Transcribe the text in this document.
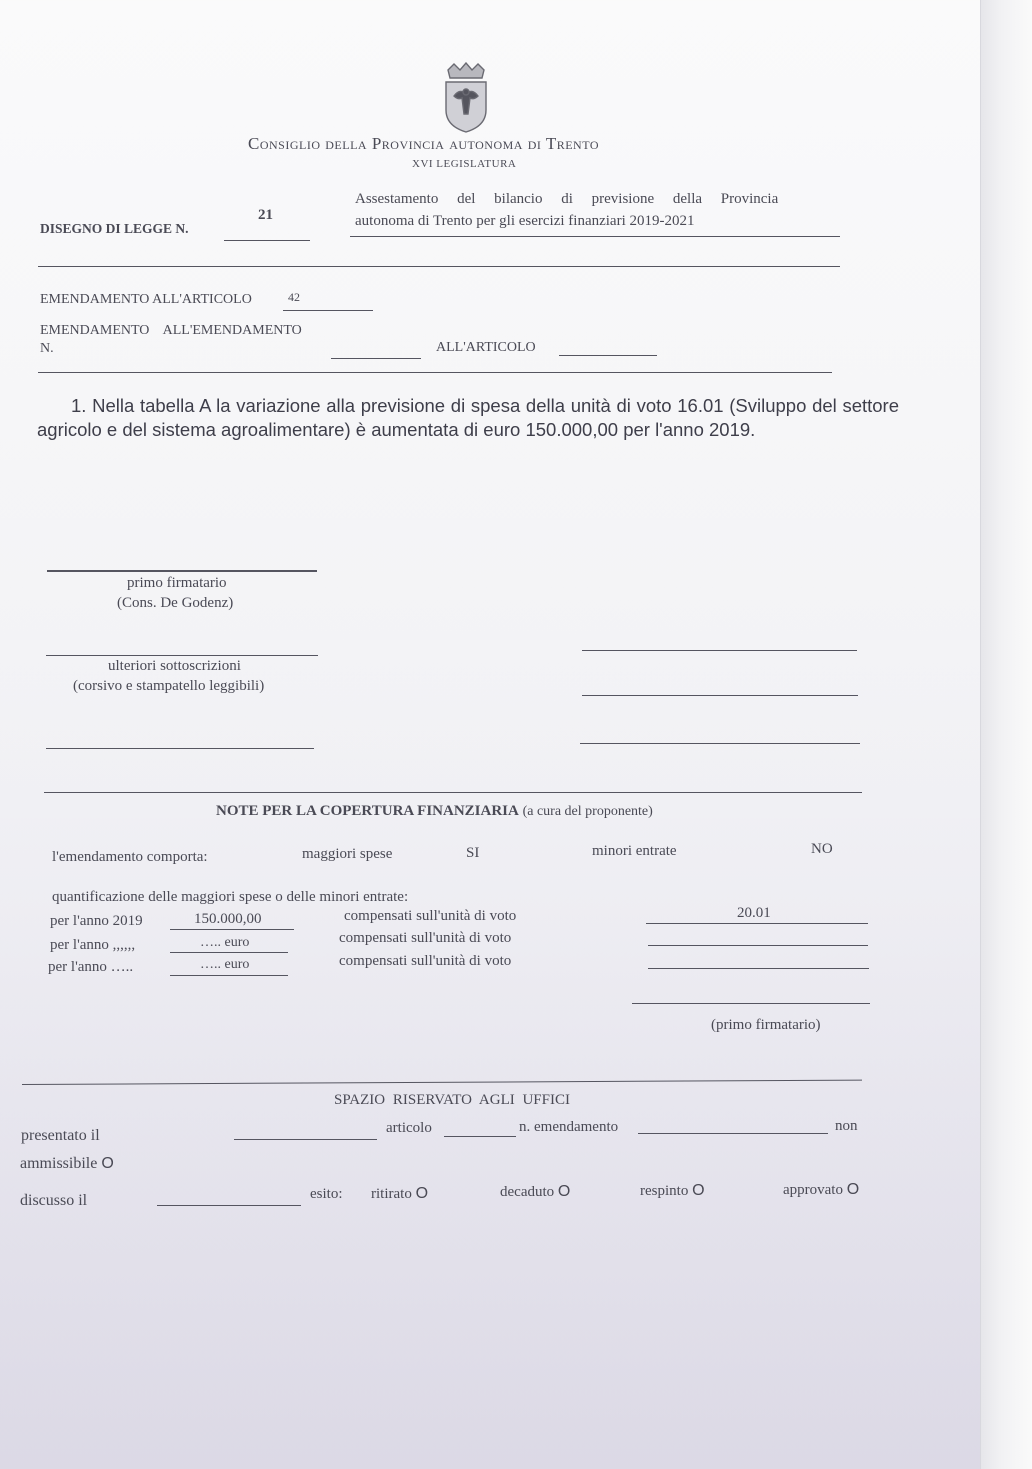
Consiglio della Provincia autonoma di Trento
XVI LEGISLATURA
DISEGNO DI LEGGE N.
21
Assestamento del bilancio di previsione della Provincia
autonoma di Trento per gli esercizi finanziari 2019-2021
EMENDAMENTO ALL'ARTICOLO	42
EMENDAMENTO    ALL'EMENDAMENTO
N.	ALL'ARTICOLO
1. Nella tabella A la variazione alla previsione di spesa della unità di voto 16.01 (Sviluppo del settore agricolo e del sistema agroalimentare) è aumentata di euro 150.000,00 per l'anno 2019.
primo firmatario
(Cons. De Godenz)
ulteriori sottoscrizioni
(corsivo e stampatello leggibili)
NOTE PER LA COPERTURA FINANZIARIA (a cura del proponente)
l'emendamento comporta:	maggiori spese	SI	minori entrate	NO
quantificazione delle maggiori spese o delle minori entrate:
per l'anno 2019	150.000,00	compensati sull'unità di voto	20.01
per l'anno ,,,,,,	….. euro	compensati sull'unità di voto
per l'anno …..	….. euro	compensati sull'unità di voto
(primo firmatario)
SPAZIO RISERVATO AGLI UFFICI
presentato il	articolo	n. emendamento	non
ammissibile O
discusso il	esito: ritirato O	decaduto O	respinto O	approvato O
